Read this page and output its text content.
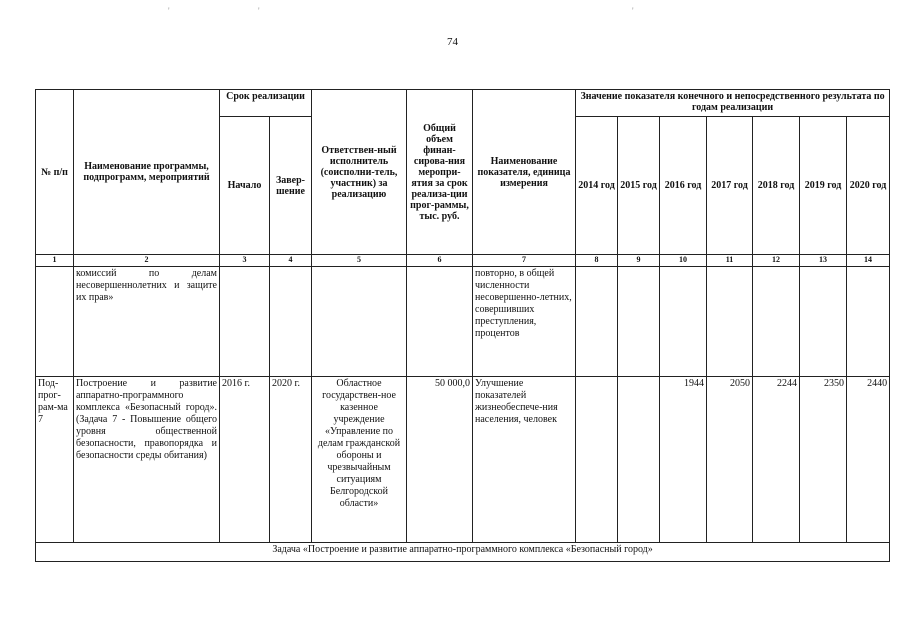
'	'	'
74
№ п/п	Наименование программы, подпрограмм, мероприятий	Срок реализации		Ответствен-ный исполнитель (соисполни-тель, участник) за реализацию	Общий объем финан-сирова-ния меропри-ятия за срок реализа-ции прог-раммы, тыс. руб.	Наименование показателя, единица измерения	Значение показателя конечного и непосредственного результата по годам реализации						
		Начало	Завер-шение				2014 год	2015 год	2016 год	2017 год	2018 год	2019 год	2020 год
1	2	3	4	5	6	7	8	9	10	11	12	13	14
	комиссий по делам несовершеннолетних и защите их прав»					повторно, в общей численности несовершенно-летних, совершивших преступления, процентов							
Под-прог-рам-ма 7	Построение и развитие аппаратно-программного комплекса «Безопасный город». (Задача 7 - Повышение общего уровня общественной безопасности, правопорядка и безопасности среды обитания)	2016 г.	2020 г.	Областное государствен-ное казенное учреждение «Управление по делам гражданской обороны и чрезвычайным ситуациям Белгородской области»	50 000,0	Улучшение показателей жизнеобеспече-ния населения, человек			1944	2050	2244	2350	2440
Задача «Построение и развитие аппаратно-программного комплекса «Безопасный город»													
